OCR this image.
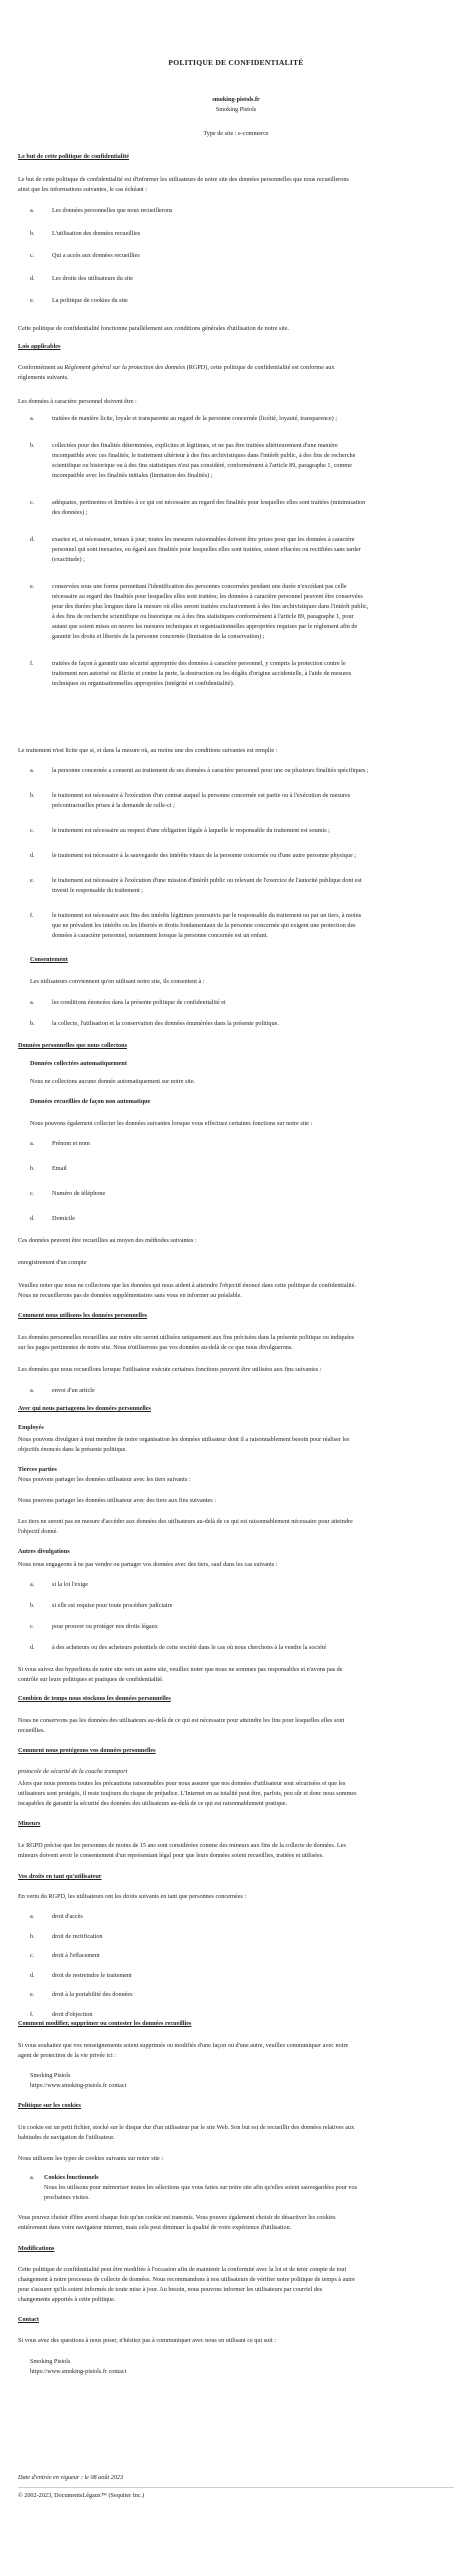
POLITIQUE DE CONFIDENTIALITÉ
smoking-pistols.fr
Smoking Pistols
Type de site : e-commerce
Le but de cette politique de confidentialité
Le but de cette politique de confidentialité est d'informer les utilisateurs de notre site des données personnelles que nous recueillerons
ainsi que les informations suivantes, le cas échéant :
a.	Les données personnelles que nous recueillerons
b.	L'utilisation des données recueillies
c.	Qui a accès aux données recueillies
d.	Les droits des utilisateurs du site
e.	La politique de cookies du site
Cette politique de confidentialité fonctionne parallèlement aux conditions générales d'utilisation de notre site.
Lois applicables
Conformément au Règlement général sur la protection des données (RGPD), cette politique de confidentialité est conforme aux
règlements suivants.
Les données à caractère personnel doivent être :
a.	traitées de manière licite, loyale et transparente au regard de la personne concernée (licéité, loyauté, transparence) ;
b.	collectées pour des finalités déterminées, explicites et légitimes, et ne pas être traitées ultérieurement d'une manière
incompatible avec ces finalités; le traitement ultérieur à des fins archivistiques dans l'intérêt public, à des fins de recherche
scientifique ou historique ou à des fins statistiques n'est pas considéré, conformément à l'article 89, paragraphe 1, comme
incompatible avec les finalités initiales (limitation des finalités) ;
c.	adéquates, pertinentes et limitées à ce qui est nécessaire au regard des finalités pour lesquelles elles sont traitées (minimisation
des données) ;
d.	exactes et, si nécessaire, tenues à jour; toutes les mesures raisonnables doivent être prises pour que les données à caractère
personnel qui sont inexactes, eu égard aux finalités pour lesquelles elles sont traitées, soient effacées ou rectifiées sans tarder
(exactitude) ;
e.	conservées sous une forme permettant l'identification des personnes concernées pendant une durée n'excédant pas celle
nécessaire au regard des finalités pour lesquelles elles sont traitées; les données à caractère personnel peuvent être conservées
pour des durées plus longues dans la mesure où elles seront traitées exclusivement à des fins archivistiques dans l'intérêt public,
à des fins de recherche scientifique ou historique ou à des fins statistiques conformément à l'article 89, paragraphe 1, pour
autant que soient mises en œuvre les mesures techniques et organisationnelles appropriées requises par le règlement afin de
garantir les droits et libertés de la personne concernée (limitation de la conservation) ;
f.	traitées de façon à garantir une sécurité appropriée des données à caractère personnel, y compris la protection contre le
traitement non autorisé ou illicite et contre la perte, la destruction ou les dégâts d'origine accidentelle, à l'aide de mesures
techniques ou organisationnelles appropriées (intégrité et confidentialité).
Le traitement n'est licite que si, et dans la mesure où, au moins une des conditions suivantes est remplie :
a.	la personne concernée a consenti au traitement de ses données à caractère personnel pour une ou plusieurs finalités spécifiques ;
b.	le traitement est nécessaire à l'exécution d'un contrat auquel la personne concernée est partie ou à l'exécution de mesures
précontractuelles prises à la demande de celle-ci ;
c.	le traitement est nécessaire au respect d'une obligation légale à laquelle le responsable du traitement est soumis ;
d.	le traitement est nécessaire à la sauvegarde des intérêts vitaux de la personne concernée ou d'une autre personne physique ;
e.	le traitement est nécessaire à l'exécution d'une mission d'intérêt public ou relevant de l'exercice de l'autorité publique dont est
investi le responsable du traitement ;
f.	le traitement est nécessaire aux fins des intérêts légitimes poursuivis par le responsable du traitement ou par un tiers, à moins
que ne prévalent les intérêts ou les libertés et droits fondamentaux de la personne concernée qui exigent une protection des
données à caractère personnel, notamment lorsque la personne concernée est un enfant.
Consentement
Les utilisateurs conviennent qu'en utilisant notre site, ils consentent à :
a.	les conditions énoncées dans la présente politique de confidentialité et
b.	la collecte, l'utilisation et la conservation des données énumérées dans la présente politique.
Données personnelles que nous collectons
Données collectées automatiquement
Nous ne collectons aucune donnée automatiquement sur notre site.
Données recueillies de façon non automatique
Nous pouvons également collecter les données suivantes lorsque vous effectuez certaines fonctions sur notre site :
a.	Prénom et nom
b.	Email
c.	Numéro de téléphone
d.	Domicile
Ces données peuvent être recueillies au moyen des méthodes suivantes :
enregistrement d'un compte
Veuillez noter que nous ne collectons que les données qui nous aident à atteindre l'objectif énoncé dans cette politique de confidentialité.
Nous ne recueillerons pas de données supplémentaires sans vous en informer au préalable.
Comment nous utilisons les données personnelles
Les données personnelles recueillies sur notre site seront utilisées uniquement aux fins précisées dans la présente politique ou indiquées
sur les pages pertinentes de notre site. Nous n'utiliserons pas vos données au-delà de ce que nous divulguerons.
Les données que nous recueillons lorsque l'utilisateur exécute certaines fonctions peuvent être utilisées aux fins suivantes :
a.	envoi d'un article
Avec qui nous partageons les données personnelles
Employés
Nous pouvons divulguer à tout membre de notre organisation les données utilisateur dont il a raisonnablement besoin pour réaliser les
objectifs énoncés dans la présente politique.
Tierces parties
Nous pouvons partager les données utilisateur avec les tiers suivants :
Nous pouvons partager les données utilisateur avec des tiers aux fins suivantes :
Les tiers ne seront pas en mesure d'accéder aux données des utilisateurs au-delà de ce qui est raisonnablement nécessaire pour atteindre
l'objectif donné.
Autres divulgations
Nous nous engageons à ne pas vendre ou partager vos données avec des tiers, sauf dans les cas suivants :
a.	si la loi l'exige
b.	si elle est requise pour toute procédure judiciaire
c.	pour prouver ou protéger nos droits légaux
d.	à des acheteurs ou des acheteurs potentiels de cette société dans le cas où nous cherchons à la vendre la société
Si vous suivez des hyperliens de notre site vers un autre site, veuillez noter que nous ne sommes pas responsables et n'avons pas de
contrôle sur leurs politiques et pratiques de confidentialité.
Combien de temps nous stockons les données personnelles
Nous ne conservons pas les données des utilisateurs au-delà de ce qui est nécessaire pour atteindre les fins pour lesquelles elles sont
recueillies.
Comment nous protégeons vos données personnelles
protocole de sécurité de la couche transport
Alors que nous prenons toutes les précautions raisonnables pour nous assurer que nos données d'utilisateur sont sécurisées et que les
utilisateurs sont protégés, il reste toujours du risque de préjudice. L'Internet en sa totalité peut être, parfois, peu sûr et donc nous sommes
incapables de garantir la sécurité des données des utilisateurs au-delà de ce qui est raisonnablement pratique.
Mineurs
Le RGPD précise que les personnes de moins de 15 ans sont considérées comme des mineurs aux fins de la collecte de données. Les
mineurs doivent avoir le consentement d'un représentant légal pour que leurs données soient recueillies, traitées et utilisées.
Vos droits en tant qu'utilisateur
En vertu du RGPD, les utilisateurs ont les droits suivants en tant que personnes concernées :
a.	droit d'accès
b.	droit de rectification
c.	droit à l'effacement
d.	droit de restreindre le traitement
e.	droit à la portabilité des données
f.	droit d'objection
Comment modifier, supprimer ou contester les données recueillies
Si vous souhaitez que vos renseignements soient supprimés ou modifiés d'une façon ou d'une autre, veuillez communiquer avec notre
agent de protection de la vie privée ici :
Smoking Pistols
https://www.smoking-pistols.fr contact
Politique sur les cookies
Un cookie est un petit fichier, stocké sur le disque dur d'un utilisateur par le site Web. Son but est de recueillir des données relatives aux
habitudes de navigation de l'utilisateur.
Nous utilisons les types de cookies suivants sur notre site :
a. Cookies fonctionnels
Nous les utilisons pour mémoriser toutes les sélections que vous faites sur notre site afin qu'elles soient sauvegardées pour vos
prochaines visites.
Vous pouvez choisir d'être averti chaque fois qu'un cookie est transmis. Vous pouvez également choisir de désactiver les cookies
entièrement dans votre navigateur internet, mais cela peut diminuer la qualité de votre expérience d'utilisation.
Modifications
Cette politique de confidentialité peut être modifiée à l'occasion afin de maintenir la conformité avec la loi et de tenir compte de tout
changement à notre processus de collecte de données. Nous recommandons à nos utilisateurs de vérifier notre politique de temps à autre
pour s'assurer qu'ils soient informés de toute mise à jour. Au besoin, nous pouvons informer les utilisateurs par courriel des
changements apportés à cette politique.
Contact
Si vous avez des questions à nous poser, n'hésitez pas à communiquer avec nous en utilisant ce qui suit :
Smoking Pistols
https://www.smoking-pistols.fr contact
Date d'entrée en vigueur : le 08 août 2023
© 2002-2023, DocumentsLégaux™ (Sequiter Inc.)
